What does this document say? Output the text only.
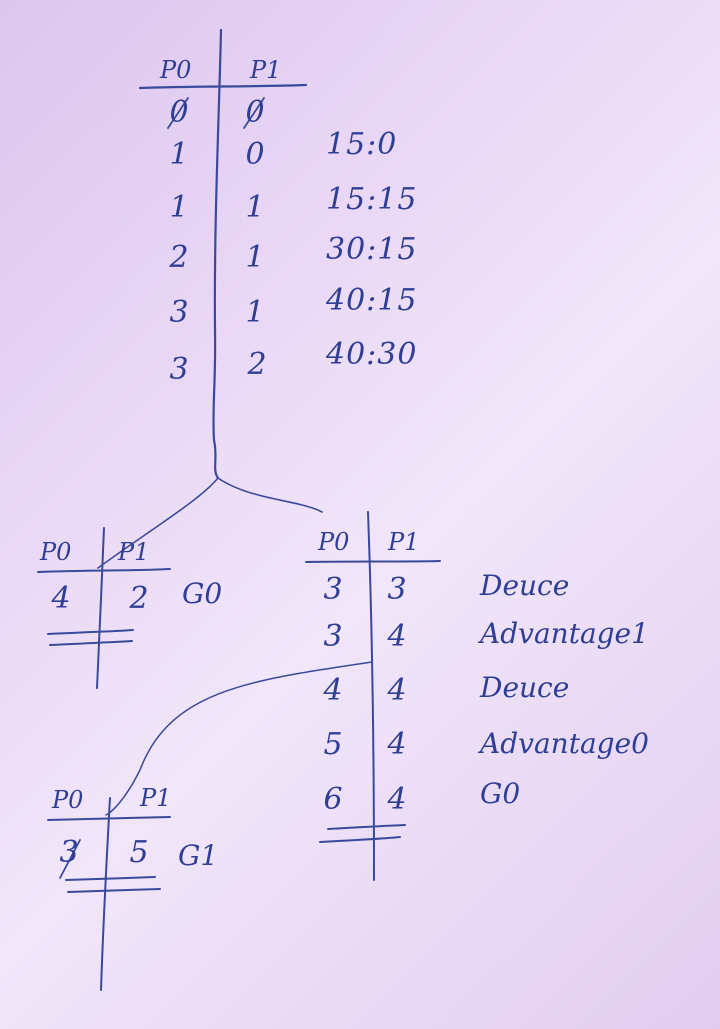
P0 P1
0 0
1 0 15:0
1 1 15:15
2 1 30:15
3 1 40:15
3 2 40:30
P0 P1
4 2 G0
P0 P1
3 3	Deuce
3 4	Advantage1
4 4	Deuce
5 4	Advantage0
6 4	G0
P0 P1
3 5 G1
